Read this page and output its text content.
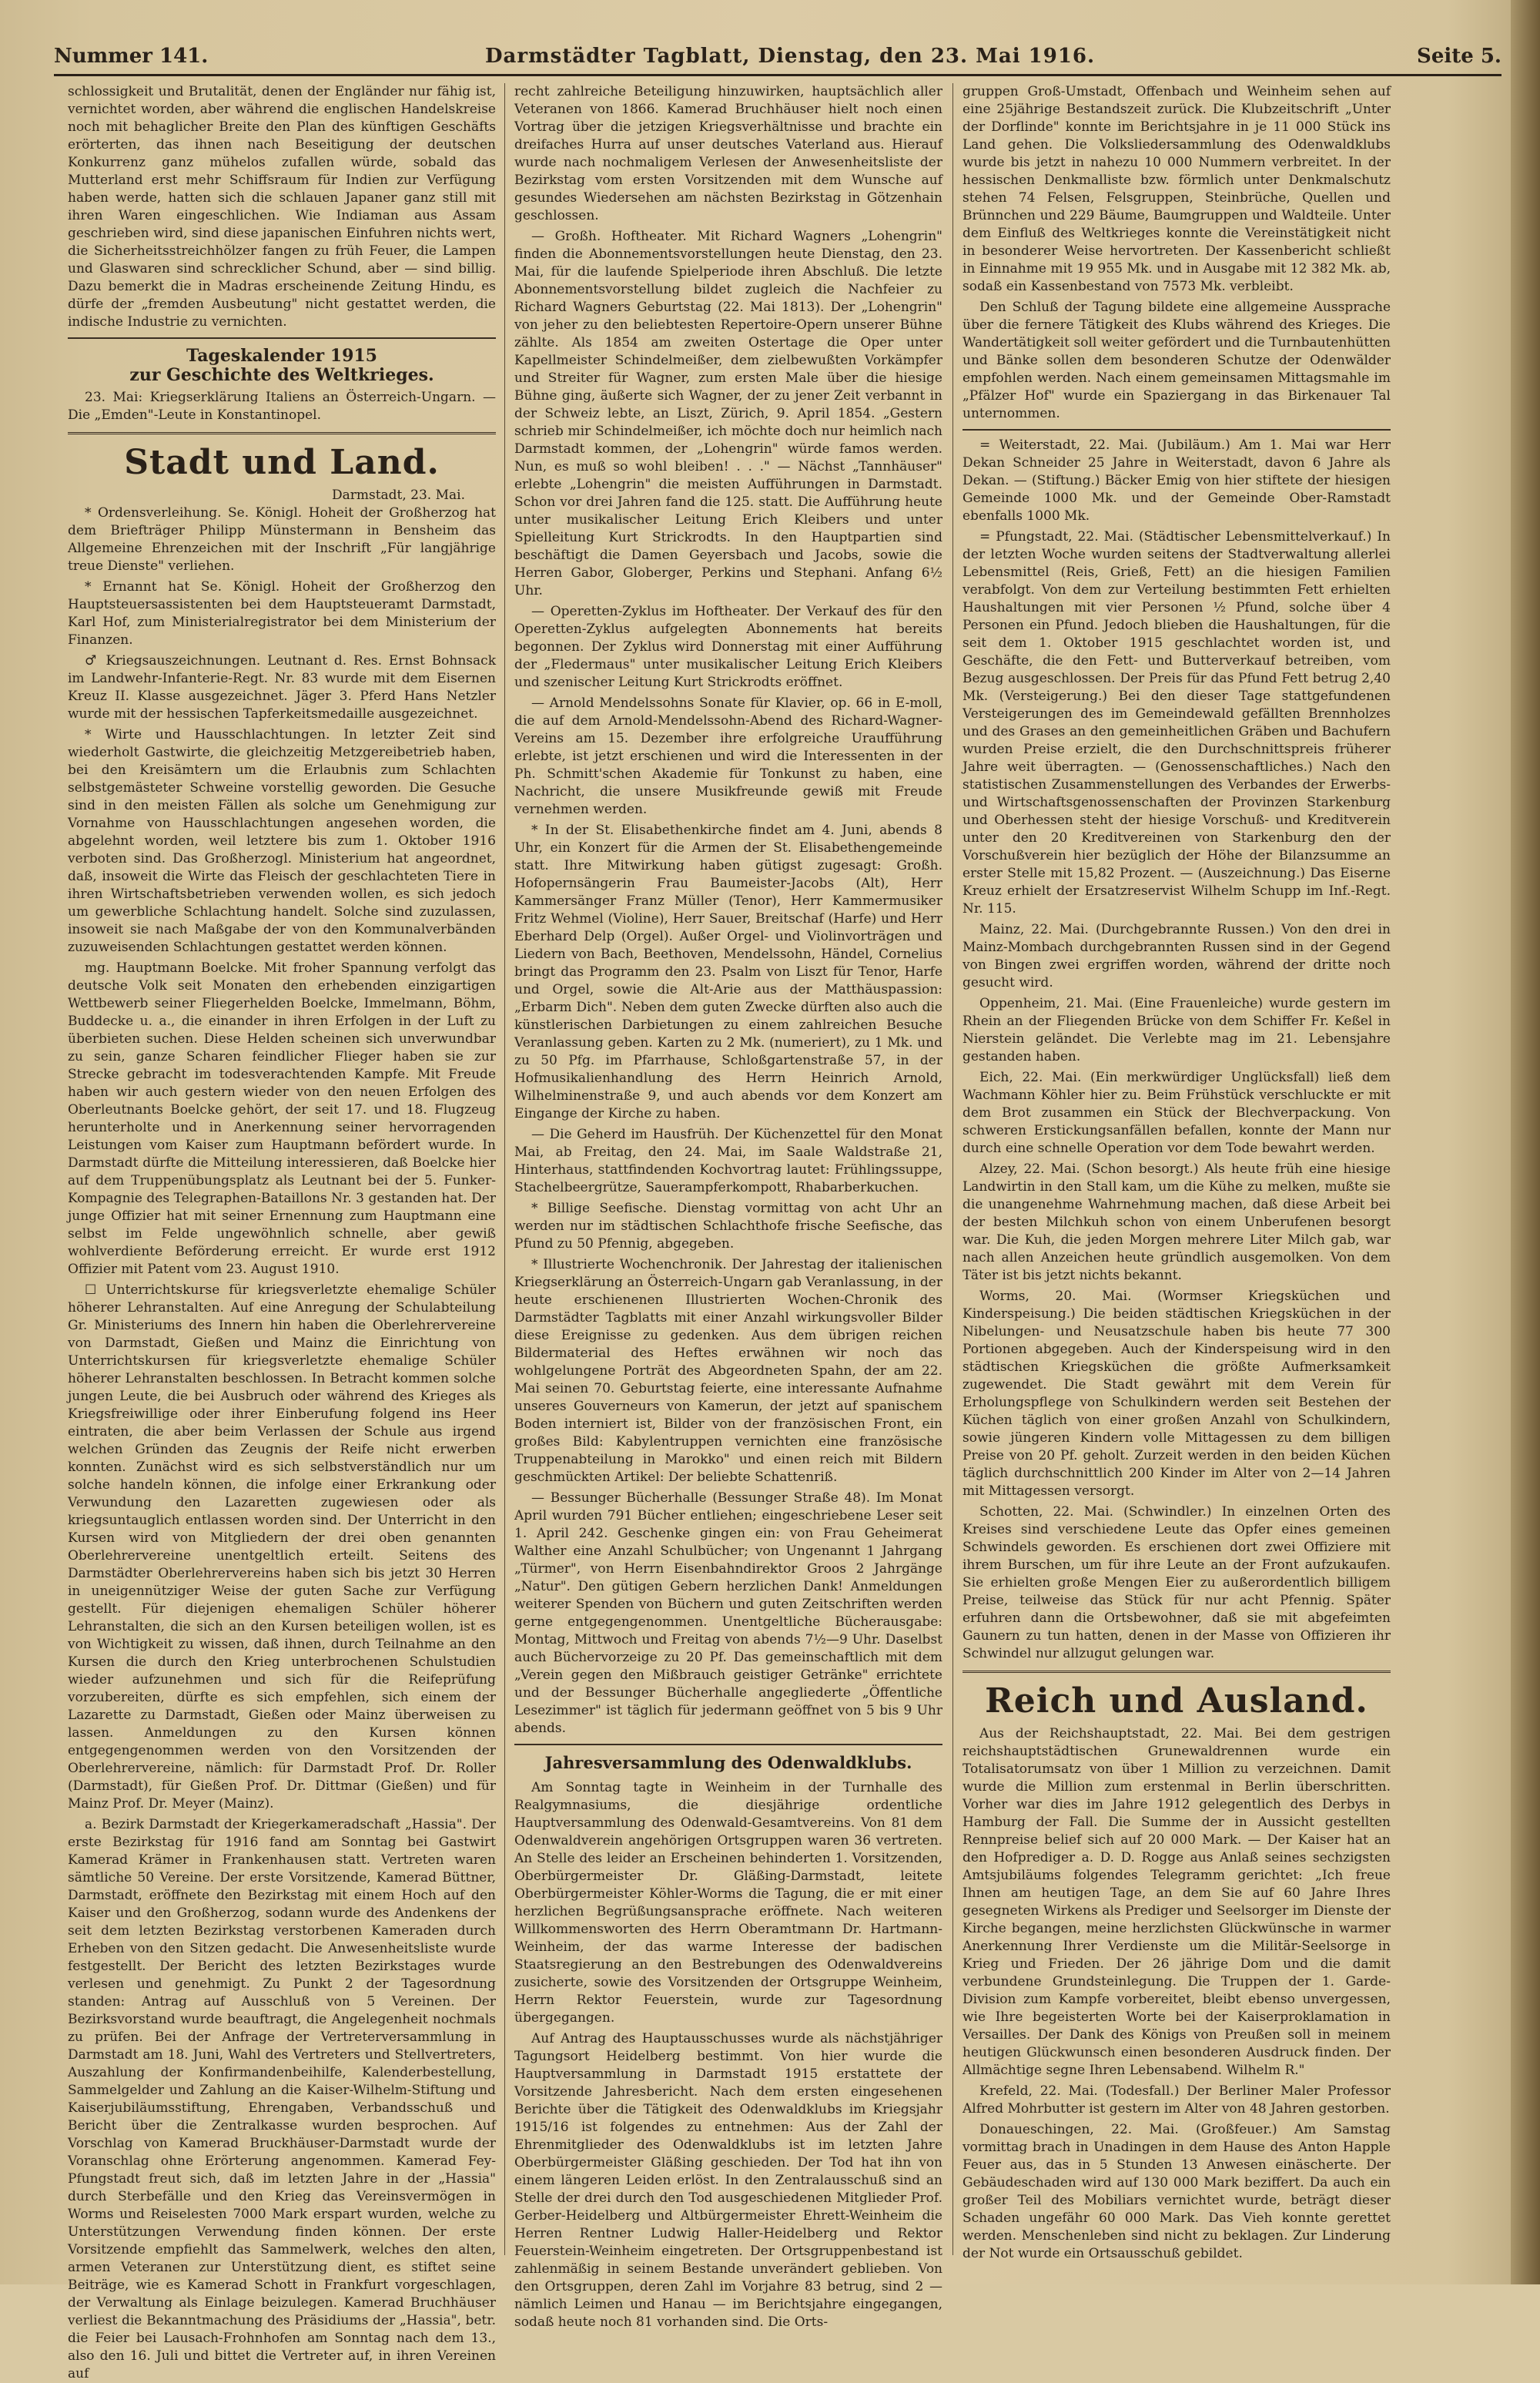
Nummer 141.	Darmstädter Tagblatt, Dienstag, den 23. Mai 1916.	Seite 5.

schlossigkeit und Brutalität, denen der Engländer nur fähig ist, vernichtet worden, aber während die englischen Handelskreise noch mit behaglicher Breite den Plan des künftigen Geschäfts erörterten, das ihnen nach Beseitigung der deutschen Konkurrenz ganz mühelos zufallen würde, sobald das Mutterland erst mehr Schiffsraum für Indien zur Verfügung haben werde, hatten sich die schlauen Japaner ganz still mit ihren Waren eingeschlichen. Wie Indiaman aus Assam geschrieben wird, sind diese japanischen Einfuhren nichts wert, die Sicherheitsstreichhölzer fangen zu früh Feuer, die Lampen und Glaswaren sind schrecklicher Schund, aber — sind billig. Dazu bemerkt die in Madras erscheinende Zeitung Hindu, es dürfe der „fremden Ausbeutung" nicht gestattet werden, die indische Industrie zu vernichten.

Tageskalender 1915
zur Geschichte des Weltkrieges.

23. Mai: Kriegserklärung Italiens an Österreich-Ungarn. — Die „Emden"-Leute in Konstantinopel.

Stadt und Land.
Darmstadt, 23. Mai.

* Ordensverleihung. Se. Königl. Hoheit der Großherzog hat dem Briefträger Philipp Münstermann in Bensheim das Allgemeine Ehrenzeichen mit der Inschrift „Für langjährige treue Dienste" verliehen.

* Ernannt hat Se. Königl. Hoheit der Großherzog den Hauptsteuersassistenten bei dem Hauptsteueramt Darmstadt, Karl Hof, zum Ministerialregistrator bei dem Ministerium der Finanzen.

♂ Kriegsauszeichnungen. Leutnant d. Res. Ernst Bohnsack im Landwehr-Infanterie-Regt. Nr. 83 wurde mit dem Eisernen Kreuz II. Klasse ausgezeichnet. Jäger 3. Pferd Hans Netzler wurde mit der hessischen Tapferkeitsmedaille ausgezeichnet.

* Wirte und Hausschlachtungen. In letzter Zeit sind wiederholt Gastwirte, die gleichzeitig Metzgereibetrieb haben, bei den Kreisämtern um die Erlaubnis zum Schlachten selbstgemästeter Schweine vorstellig geworden. Die Gesuche sind in den meisten Fällen als solche um Genehmigung zur Vornahme von Hausschlachtungen angesehen worden, die abgelehnt worden, weil letztere bis zum 1. Oktober 1916 verboten sind. Das Großherzogl. Ministerium hat angeordnet, daß, insoweit die Wirte das Fleisch der geschlachteten Tiere in ihren Wirtschaftsbetrieben verwenden wollen, es sich jedoch um gewerbliche Schlachtung handelt. Solche sind zuzulassen, insoweit sie nach Maßgabe der von den Kommunalverbänden zuzuweisenden Schlachtungen gestattet werden können.

mg. Hauptmann Boelcke. Mit froher Spannung verfolgt das deutsche Volk seit Monaten den erhebenden einzigartigen Wettbewerb seiner Fliegerhelden Boelcke, Immelmann, Böhm, Buddecke u. a., die einander in ihren Erfolgen in der Luft zu überbieten suchen. Diese Helden scheinen sich unverwundbar zu sein, ganze Scharen feindlicher Flieger haben sie zur Strecke gebracht im todesverachtenden Kampfe. Mit Freude haben wir auch gestern wieder von den neuen Erfolgen des Oberleutnants Boelcke gehört, der seit 17. und 18. Flugzeug herunterholte und in Anerkennung seiner hervorragenden Leistungen vom Kaiser zum Hauptmann befördert wurde. In Darmstadt dürfte die Mitteilung interessieren, daß Boelcke hier auf dem Truppenübungsplatz als Leutnant bei der 5. Funker-Kompagnie des Telegraphen-Bataillons Nr. 3 gestanden hat. Der junge Offizier hat mit seiner Ernennung zum Hauptmann eine selbst im Felde ungewöhnlich schnelle, aber gewiß wohlverdiente Beförderung erreicht. Er wurde erst 1912 Offizier mit Patent vom 23. August 1910.

☐ Unterrichtskurse für kriegsverletzte ehemalige Schüler höherer Lehranstalten. Auf eine Anregung der Schulabteilung Gr. Ministeriums des Innern hin haben die Oberlehrervereine von Darmstadt, Gießen und Mainz die Einrichtung von Unterrichtskursen für kriegsverletzte ehemalige Schüler höherer Lehranstalten beschlossen. In Betracht kommen solche jungen Leute, die bei Ausbruch oder während des Krieges als Kriegsfreiwillige oder ihrer Einberufung folgend ins Heer eintraten, die aber beim Verlassen der Schule aus irgend welchen Gründen das Zeugnis der Reife nicht erwerben konnten. Zunächst wird es sich selbstverständlich nur um solche handeln können, die infolge einer Erkrankung oder Verwundung den Lazaretten zugewiesen oder als kriegsuntauglich entlassen worden sind. Der Unterricht in den Kursen wird von Mitgliedern der drei oben genannten Oberlehrervereine unentgeltlich erteilt. Seitens des Darmstädter Oberlehrervereins haben sich bis jetzt 30 Herren in uneigennütziger Weise der guten Sache zur Verfügung gestellt. Für diejenigen ehemaligen Schüler höherer Lehranstalten, die sich an den Kursen beteiligen wollen, ist es von Wichtigkeit zu wissen, daß ihnen, durch Teilnahme an den Kursen die durch den Krieg unterbrochenen Schulstudien wieder aufzunehmen und sich für die Reifeprüfung vorzubereiten, dürfte es sich empfehlen, sich einem der Lazarette zu Darmstadt, Gießen oder Mainz überweisen zu lassen. Anmeldungen zu den Kursen können entgegengenommen werden von den Vorsitzenden der Oberlehrervereine, nämlich: für Darmstadt Prof. Dr. Roller (Darmstadt), für Gießen Prof. Dr. Dittmar (Gießen) und für Mainz Prof. Dr. Meyer (Mainz).

a. Bezirk Darmstadt der Kriegerkameradschaft „Hassia". Der erste Bezirkstag für 1916 fand am Sonntag bei Gastwirt Kamerad Krämer in Frankenhausen statt. Vertreten waren sämtliche 50 Vereine. Der erste Vorsitzende, Kamerad Büttner, Darmstadt, eröffnete den Bezirkstag mit einem Hoch auf den Kaiser und den Großherzog, sodann wurde des Andenkens der seit dem letzten Bezirkstag verstorbenen Kameraden durch Erheben von den Sitzen gedacht. Die Anwesenheitsliste wurde festgestellt. Der Bericht des letzten Bezirkstages wurde verlesen und genehmigt. Zu Punkt 2 der Tagesordnung standen: Antrag auf Ausschluß von 5 Vereinen. Der Bezirksvorstand wurde beauftragt, die Angelegenheit nochmals zu prüfen. Bei der Anfrage der Vertreterversammlung in Darmstadt am 18. Juni, Wahl des Vertreters und Stellvertreters, Auszahlung der Konfirmandenbeihilfe, Kalenderbestellung, Sammelgelder und Zahlung an die Kaiser-Wilhelm-Stiftung und Kaiserjubiläumsstiftung, Ehrengaben, Verbandsschuß und Bericht über die Zentralkasse wurden besprochen. Auf Vorschlag von Kamerad Bruckhäuser-Darmstadt wurde der Voranschlag ohne Erörterung angenommen. Kamerad Fey-Pfungstadt freut sich, daß im letzten Jahre in der „Hassia" durch Sterbefälle und den Krieg das Vereinsvermögen in Worms und Reiselesten 7000 Mark erspart wurden, welche zu Unterstützungen Verwendung finden können. Der erste Vorsitzende empfiehlt das Sammelwerk, welches den alten, armen Veteranen zur Unterstützung dient, es stiftet seine Beiträge, wie es Kamerad Schott in Frankfurt vorgeschlagen, der Verwaltung als Einlage beizulegen. Kamerad Bruchhäuser verliest die Bekanntmachung des Präsidiums der „Hassia", betr. die Feier bei Lausach-Frohnhofen am Sonntag nach dem 13., also den 16. Juli und bittet die Vertreter auf, in ihren Vereinen auf

recht zahlreiche Beteiligung hinzuwirken, hauptsächlich aller Veteranen von 1866. Kamerad Bruchhäuser hielt noch einen Vortrag über die jetzigen Kriegsverhältnisse und brachte ein dreifaches Hurra auf unser deutsches Vaterland aus. Hierauf wurde nach nochmaligem Verlesen der Anwesenheitsliste der Bezirkstag vom ersten Vorsitzenden mit dem Wunsche auf gesundes Wiedersehen am nächsten Bezirkstag in Götzenhain geschlossen.

— Großh. Hoftheater. Mit Richard Wagners „Lohengrin" finden die Abonnementsvorstellungen heute Dienstag, den 23. Mai, für die laufende Spielperiode ihren Abschluß. Die letzte Abonnementsvorstellung bildet zugleich die Nachfeier zu Richard Wagners Geburtstag (22. Mai 1813). Der „Lohengrin" von jeher zu den beliebtesten Repertoire-Opern unserer Bühne zählte. Als 1854 am zweiten Ostertage die Oper unter Kapellmeister Schindelmeißer, dem zielbewußten Vorkämpfer und Streiter für Wagner, zum ersten Male über die hiesige Bühne ging, äußerte sich Wagner, der zu jener Zeit verbannt in der Schweiz lebte, an Liszt, Zürich, 9. April 1854. „Gestern schrieb mir Schindelmeißer, ich möchte doch nur heimlich nach Darmstadt kommen, der „Lohengrin" würde famos werden. Nun, es muß so wohl bleiben! . . ." — Nächst „Tannhäuser" erlebte „Lohengrin" die meisten Aufführungen in Darmstadt. Schon vor drei Jahren fand die 125. statt. Die Aufführung heute unter musikalischer Leitung Erich Kleibers und unter Spielleitung Kurt Strickrodts. In den Hauptpartien sind beschäftigt die Damen Geyersbach und Jacobs, sowie die Herren Gabor, Globerger, Perkins und Stephani. Anfang 6½ Uhr.

— Operetten-Zyklus im Hoftheater. Der Verkauf des für den Operetten-Zyklus aufgelegten Abonnements hat bereits begonnen. Der Zyklus wird Donnerstag mit einer Aufführung der „Fledermaus" unter musikalischer Leitung Erich Kleibers und szenischer Leitung Kurt Strickrodts eröffnet.

— Arnold Mendelssohns Sonate für Klavier, op. 66 in E-moll, die auf dem Arnold-Mendelssohn-Abend des Richard-Wagner-Vereins am 15. Dezember ihre erfolgreiche Uraufführung erlebte, ist jetzt erschienen und wird die Interessenten in der Ph. Schmitt'schen Akademie für Tonkunst zu haben, eine Nachricht, die unsere Musikfreunde gewiß mit Freude vernehmen werden.

* In der St. Elisabethenkirche findet am 4. Juni, abends 8 Uhr, ein Konzert für die Armen der St. Elisabethengemeinde statt. Ihre Mitwirkung haben gütigst zugesagt: Großh. Hofopernsängerin Frau Baumeister-Jacobs (Alt), Herr Kammersänger Franz Müller (Tenor), Herr Kammermusiker Fritz Wehmel (Violine), Herr Sauer, Breitschaf (Harfe) und Herr Eberhard Delp (Orgel). Außer Orgel- und Violinvorträgen und Liedern von Bach, Beethoven, Mendelssohn, Händel, Cornelius bringt das Programm den 23. Psalm von Liszt für Tenor, Harfe und Orgel, sowie die Alt-Arie aus der Matthäuspassion: „Erbarm Dich". Neben dem guten Zwecke dürften also auch die künstlerischen Darbietungen zu einem zahlreichen Besuche Veranlassung geben. Karten zu 2 Mk. (numeriert), zu 1 Mk. und zu 50 Pfg. im Pfarrhause, Schloßgartenstraße 57, in der Hofmusikalienhandlung des Herrn Heinrich Arnold, Wilhelminenstraße 9, und auch abends vor dem Konzert am Eingange der Kirche zu haben.

— Die Geherd im Hausfrüh. Der Küchenzettel für den Monat Mai, ab Freitag, den 24. Mai, im Saale Waldstraße 21, Hinterhaus, stattfindenden Kochvortrag lautet: Frühlingssuppe, Stachelbeergrütze, Sauerampferkompott, Rhabarberkuchen.

* Billige Seefische. Dienstag vormittag von acht Uhr an werden nur im städtischen Schlachthofe frische Seefische, das Pfund zu 50 Pfennig, abgegeben.

* Illustrierte Wochenchronik. Der Jahrestag der italienischen Kriegserklärung an Österreich-Ungarn gab Veranlassung, in der heute erschienenen Illustrierten Wochen-Chronik des Darmstädter Tagblatts mit einer Anzahl wirkungsvoller Bilder diese Ereignisse zu gedenken. Aus dem übrigen reichen Bildermaterial des Heftes erwähnen wir noch das wohlgelungene Porträt des Abgeordneten Spahn, der am 22. Mai seinen 70. Geburtstag feierte, eine interessante Aufnahme unseres Gouverneurs von Kamerun, der jetzt auf spanischem Boden interniert ist, Bilder von der französischen Front, ein großes Bild: Kabylentruppen vernichten eine französische Truppenabteilung in Marokko" und einen reich mit Bildern geschmückten Artikel: Der beliebte Schattenriß.

— Bessunger Bücherhalle (Bessunger Straße 48). Im Monat April wurden 791 Bücher entliehen; eingeschriebene Leser seit 1. April 242. Geschenke gingen ein: von Frau Geheimerat Walther eine Anzahl Schulbücher; von Ungenannt 1 Jahrgang „Türmer", von Herrn Eisenbahndirektor Groos 2 Jahrgänge „Natur". Den gütigen Gebern herzlichen Dank! Anmeldungen weiterer Spenden von Büchern und guten Zeitschriften werden gerne entgegengenommen. Unentgeltliche Bücherausgabe: Montag, Mittwoch und Freitag von abends 7½—9 Uhr. Daselbst auch Büchervorzeige zu 20 Pf. Das gemeinschaftlich mit dem „Verein gegen den Mißbrauch geistiger Getränke" errichtete und der Bessunger Bücherhalle angegliederte „Öffentliche Lesezimmer" ist täglich für jedermann geöffnet von 5 bis 9 Uhr abends.

Jahresversammlung des Odenwaldklubs.

Am Sonntag tagte in Weinheim in der Turnhalle des Realgymnasiums, die diesjährige ordentliche Hauptversammlung des Odenwald-Gesamtvereins. Von 81 dem Odenwaldverein angehörigen Ortsgruppen waren 36 vertreten. An Stelle des leider an Erscheinen behinderten 1. Vorsitzenden, Oberbürgermeister Dr. Gläßing-Darmstadt, leitete Oberbürgermeister Köhler-Worms die Tagung, die er mit einer herzlichen Begrüßungsansprache eröffnete. Nach weiteren Willkommensworten des Herrn Oberamtmann Dr. Hartmann-Weinheim, der das warme Interesse der badischen Staatsregierung an den Bestrebungen des Odenwaldvereins zusicherte, sowie des Vorsitzenden der Ortsgruppe Weinheim, Herrn Rektor Feuerstein, wurde zur Tagesordnung übergegangen.

Auf Antrag des Hauptausschusses wurde als nächstjähriger Tagungsort Heidelberg bestimmt. Von hier wurde die Hauptversammlung in Darmstadt 1915 erstattete der Vorsitzende Jahresbericht. Nach dem ersten eingesehenen Berichte über die Tätigkeit des Odenwaldklubs im Kriegsjahr 1915/16 ist folgendes zu entnehmen: Aus der Zahl der Ehrenmitglieder des Odenwaldklubs ist im letzten Jahre Oberbürgermeister Gläßing geschieden. Der Tod hat ihn von einem längeren Leiden erlöst. In den Zentralausschuß sind an Stelle der drei durch den Tod ausgeschiedenen Mitglieder Prof. Gerber-Heidelberg und Altbürgermeister Ehrett-Weinheim die Herren Rentner Ludwig Haller-Heidelberg und Rektor Feuerstein-Weinheim eingetreten. Der Ortsgruppenbestand ist zahlenmäßig in seinem Bestande unverändert geblieben. Von den Ortsgruppen, deren Zahl im Vorjahre 83 betrug, sind 2 — nämlich Leimen und Hanau — im Berichtsjahre eingegangen, sodaß heute noch 81 vorhanden sind. Die Orts-

gruppen Groß-Umstadt, Offenbach und Weinheim sehen auf eine 25jährige Bestandszeit zurück. Die Klubzeitschrift „Unter der Dorflinde" konnte im Berichtsjahre in je 11 000 Stück ins Land gehen. Die Volksliedersammlung des Odenwaldklubs wurde bis jetzt in nahezu 10 000 Nummern verbreitet. In der hessischen Denkmalliste bzw. förmlich unter Denkmalschutz stehen 74 Felsen, Felsgruppen, Steinbrüche, Quellen und Brünnchen und 229 Bäume, Baumgruppen und Waldteile. Unter dem Einfluß des Weltkrieges konnte die Vereinstätigkeit nicht in besonderer Weise hervortreten. Der Kassenbericht schließt in Einnahme mit 19 955 Mk. und in Ausgabe mit 12 382 Mk. ab, sodaß ein Kassenbestand von 7573 Mk. verbleibt.

Den Schluß der Tagung bildete eine allgemeine Aussprache über die fernere Tätigkeit des Klubs während des Krieges. Die Wandertätigkeit soll weiter gefördert und die Turnbautenhütten und Bänke sollen dem besonderen Schutze der Odenwälder empfohlen werden. Nach einem gemeinsamen Mittagsmahle im „Pfälzer Hof" wurde ein Spaziergang in das Birkenauer Tal unternommen.

= Weiterstadt, 22. Mai. (Jubiläum.) Am 1. Mai war Herr Dekan Schneider 25 Jahre in Weiterstadt, davon 6 Jahre als Dekan. — (Stiftung.) Bäcker Emig von hier stiftete der hiesigen Gemeinde 1000 Mk. und der Gemeinde Ober-Ramstadt ebenfalls 1000 Mk.

= Pfungstadt, 22. Mai. (Städtischer Lebensmittelverkauf.) In der letzten Woche wurden seitens der Stadtverwaltung allerlei Lebensmittel (Reis, Grieß, Fett) an die hiesigen Familien verabfolgt. Von dem zur Verteilung bestimmten Fett erhielten Haushaltungen mit vier Personen ½ Pfund, solche über 4 Personen ein Pfund. Jedoch blieben die Haushaltungen, für die seit dem 1. Oktober 1915 geschlachtet worden ist, und Geschäfte, die den Fett- und Butterverkauf betreiben, vom Bezug ausgeschlossen. Der Preis für das Pfund Fett betrug 2,40 Mk. (Versteigerung.) Bei den dieser Tage stattgefundenen Versteigerungen des im Gemeindewald gefällten Brennholzes und des Grases an den gemeinheitlichen Gräben und Bachufern wurden Preise erzielt, die den Durchschnittspreis früherer Jahre weit überragten. — (Genossenschaftliches.) Nach den statistischen Zusammenstellungen des Verbandes der Erwerbs- und Wirtschaftsgenossenschaften der Provinzen Starkenburg und Oberhessen steht der hiesige Vorschuß- und Kreditverein unter den 20 Kreditvereinen von Starkenburg den der Vorschußverein hier bezüglich der Höhe der Bilanzsumme an erster Stelle mit 15,82 Prozent. — (Auszeichnung.) Das Eiserne Kreuz erhielt der Ersatzreservist Wilhelm Schupp im Inf.-Regt. Nr. 115.

Mainz, 22. Mai. (Durchgebrannte Russen.) Von den drei in Mainz-Mombach durchgebrannten Russen sind in der Gegend von Bingen zwei ergriffen worden, während der dritte noch gesucht wird.

Oppenheim, 21. Mai. (Eine Frauenleiche) wurde gestern im Rhein an der Fliegenden Brücke von dem Schiffer Fr. Keßel in Nierstein geländet. Die Verlebte mag im 21. Lebensjahre gestanden haben.

Eich, 22. Mai. (Ein merkwürdiger Unglücksfall) ließ dem Wachmann Köhler hier zu. Beim Frühstück verschluckte er mit dem Brot zusammen ein Stück der Blechverpackung. Von schweren Erstickungsanfällen befallen, konnte der Mann nur durch eine schnelle Operation vor dem Tode bewahrt werden.

Alzey, 22. Mai. (Schon besorgt.) Als heute früh eine hiesige Landwirtin in den Stall kam, um die Kühe zu melken, mußte sie die unangenehme Wahrnehmung machen, daß diese Arbeit bei der besten Milchkuh schon von einem Unberufenen besorgt war. Die Kuh, die jeden Morgen mehrere Liter Milch gab, war nach allen Anzeichen heute gründlich ausgemolken. Von dem Täter ist bis jetzt nichts bekannt.

Worms, 20. Mai. (Wormser Kriegsküchen und Kinderspeisung.) Die beiden städtischen Kriegsküchen in der Nibelungen- und Neusatzschule haben bis heute 77 300 Portionen abgegeben. Auch der Kinderspeisung wird in den städtischen Kriegsküchen die größte Aufmerksamkeit zugewendet. Die Stadt gewährt mit dem Verein für Erholungspflege von Schulkindern werden seit Bestehen der Küchen täglich von einer großen Anzahl von Schulkindern, sowie jüngeren Kindern volle Mittagessen zu dem billigen Preise von 20 Pf. geholt. Zurzeit werden in den beiden Küchen täglich durchschnittlich 200 Kinder im Alter von 2—14 Jahren mit Mittagessen versorgt.

Schotten, 22. Mai. (Schwindler.) In einzelnen Orten des Kreises sind verschiedene Leute das Opfer eines gemeinen Schwindels geworden. Es erschienen dort zwei Offiziere mit ihrem Burschen, um für ihre Leute an der Front aufzukaufen. Sie erhielten große Mengen Eier zu außerordentlich billigem Preise, teilweise das Stück für nur acht Pfennig. Später erfuhren dann die Ortsbewohner, daß sie mit abgefeimten Gaunern zu tun hatten, denen in der Masse von Offizieren ihr Schwindel nur allzugut gelungen war.

Reich und Ausland.

Aus der Reichshauptstadt, 22. Mai. Bei dem gestrigen reichshauptstädtischen Grunewaldrennen wurde ein Totalisatorumsatz von über 1 Million zu verzeichnen. Damit wurde die Million zum erstenmal in Berlin überschritten. Vorher war dies im Jahre 1912 gelegentlich des Derbys in Hamburg der Fall. Die Summe der in Aussicht gestellten Rennpreise belief sich auf 20 000 Mark. — Der Kaiser hat an den Hofprediger a. D. D. Rogge aus Anlaß seines sechzigsten Amtsjubiläums folgendes Telegramm gerichtet: „Ich freue Ihnen am heutigen Tage, an dem Sie auf 60 Jahre Ihres gesegneten Wirkens als Prediger und Seelsorger im Dienste der Kirche begangen, meine herzlichsten Glückwünsche in warmer Anerkennung Ihrer Verdienste um die Militär-Seelsorge in Krieg und Frieden. Der 26 jährige Dom und die damit verbundene Grundsteinlegung. Die Truppen der 1. Garde-Division zum Kampfe vorbereitet, bleibt ebenso unvergessen, wie Ihre begeisterten Worte bei der Kaiserproklamation in Versailles. Der Dank des Königs von Preußen soll in meinem heutigen Glückwunsch einen besonderen Ausdruck finden. Der Allmächtige segne Ihren Lebensabend. Wilhelm R."

Krefeld, 22. Mai. (Todesfall.) Der Berliner Maler Professor Alfred Mohrbutter ist gestern im Alter von 48 Jahren gestorben.

Donaueschingen, 22. Mai. (Großfeuer.) Am Samstag vormittag brach in Unadingen in dem Hause des Anton Happle Feuer aus, das in 5 Stunden 13 Anwesen einäscherte. Der Gebäudeschaden wird auf 130 000 Mark beziffert. Da auch ein großer Teil des Mobiliars vernichtet wurde, beträgt dieser Schaden ungefähr 60 000 Mark. Das Vieh konnte gerettet werden. Menschenleben sind nicht zu beklagen. Zur Linderung der Not wurde ein Ortsausschuß gebildet.
